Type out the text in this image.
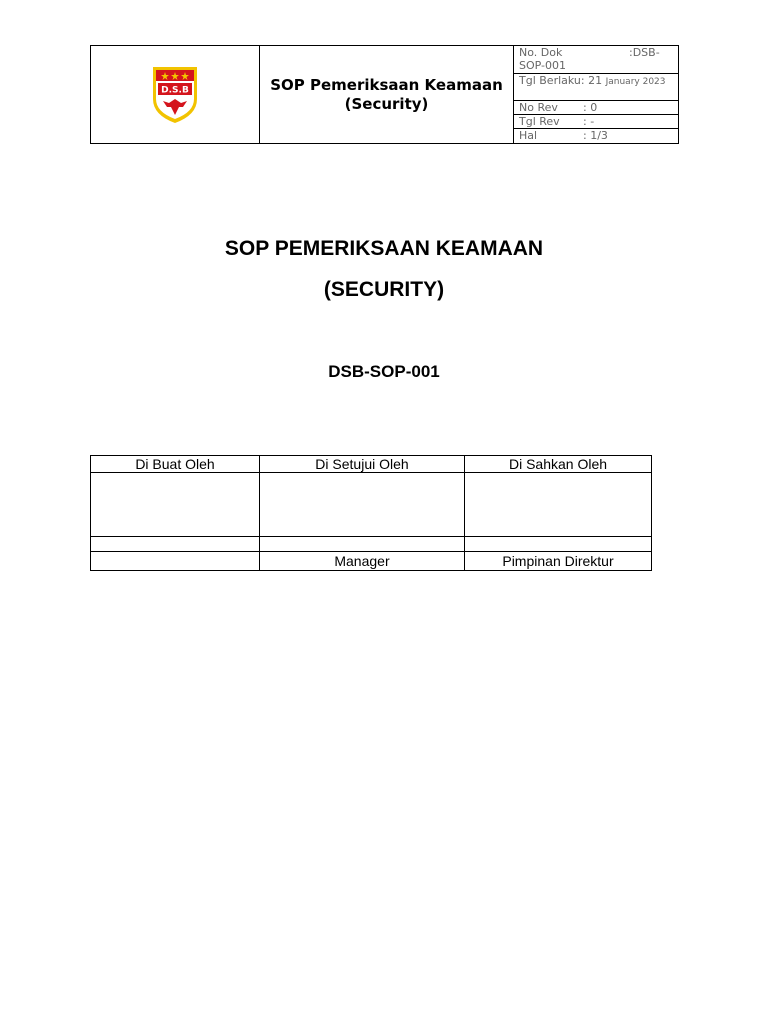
D.S.B	SOP Pemeriksaan Keamaan
(Security)

No. Dok	:DSB-SOP-001
Tgl Berlaku: 21 January 2023
No Rev : 0
Tgl Rev : -
Hal	: 1/3
SOP PEMERIKSAAN KEAMAAN
(SECURITY)
DSB-SOP-001
Di Buat Oleh	Di Setujui Oleh	Di Sahkan Oleh

	Manager	Pimpinan Direktur
